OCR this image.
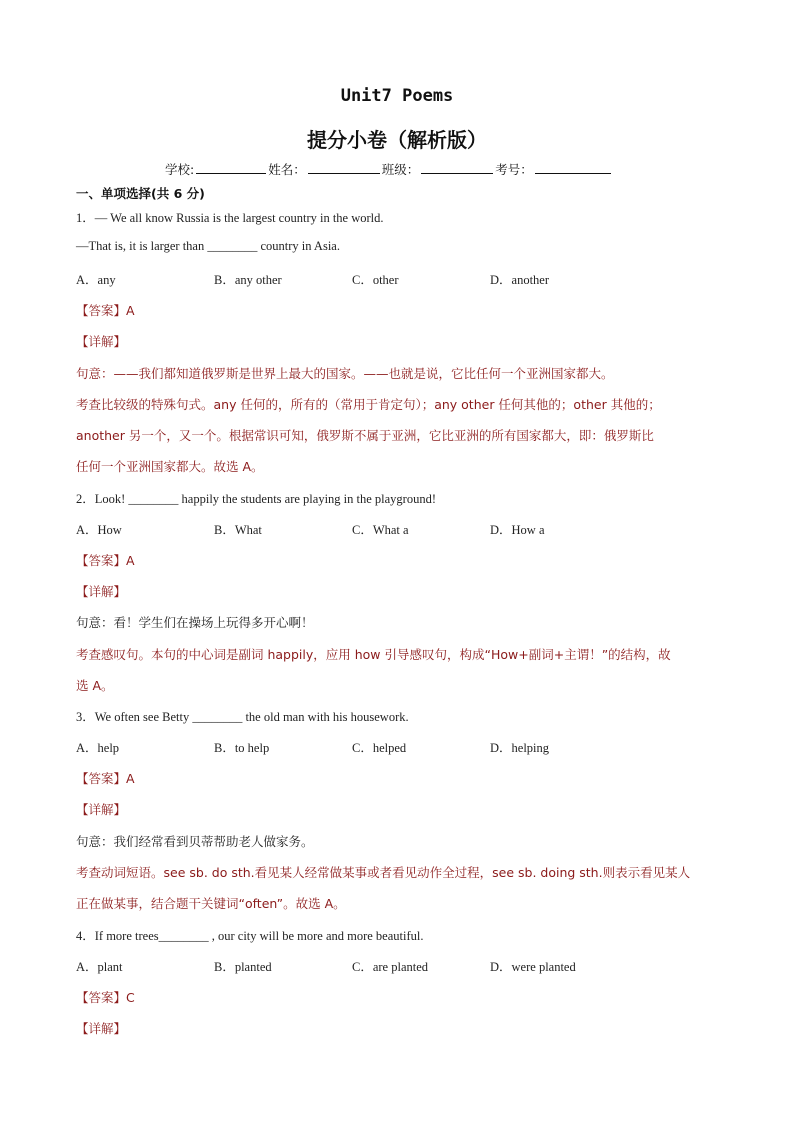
Unit7 Poems
提分小卷（解析版）
学校:	姓名：	班级：	考号：
一、单项选择(共 6 分)
1．— We all know Russia is the largest country in the world.
—That is, it is larger than ________ country in Asia.
A．any	B．any other	C．other	D．another
【答案】A
【详解】
句意：——我们都知道俄罗斯是世界上最大的国家。——也就是说，它比任何一个亚洲国家都大。
考查比较级的特殊句式。any 任何的，所有的（常用于肯定句）；any other 任何其他的；other 其他的；
another 另一个，又一个。根据常识可知，俄罗斯不属于亚洲，它比亚洲的所有国家都大，即：俄罗斯比
任何一个亚洲国家都大。故选 A。
2．Look! ________ happily the students are playing in the playground!
A．How	B．What	C．What a	D．How a
【答案】A
【详解】
句意：看！学生们在操场上玩得多开心啊！
考查感叹句。本句的中心词是副词 happily，应用 how 引导感叹句，构成“How+副词+主谓！”的结构，故
选 A。
3．We often see Betty ________ the old man with his housework.
A．help	B．to help	C．helped	D．helping
【答案】A
【详解】
句意：我们经常看到贝蒂帮助老人做家务。
考查动词短语。see sb. do sth.看见某人经常做某事或者看见动作全过程，see sb. doing sth.则表示看见某人
正在做某事，结合题干关键词“often”。故选 A。
4．If more trees________ , our city will be more and more beautiful.
A．plant	B．planted	C．are planted	D．were planted
【答案】C
【详解】
